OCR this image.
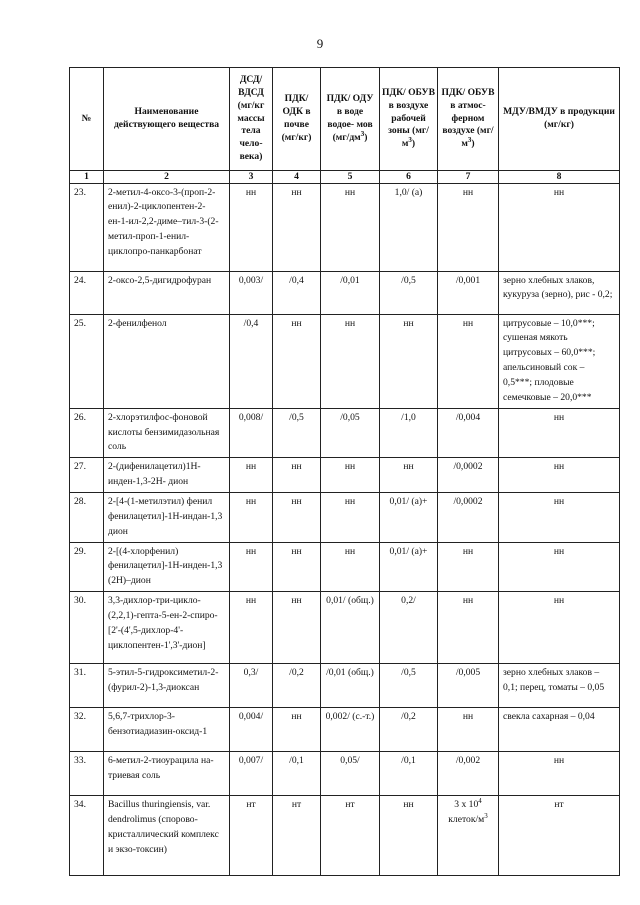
9
№	Наименование действующего вещества	ДСД/ ВДСД (мг/кг массы тела чело- века)	ПДК/ ОДК в почве (мг/кг)	ПДК/ ОДУ в воде водое- мов $(мг/дм^3)$	ПДК/ ОБУВ в воздухе рабочей зоны $(мг/м^3)$	ПДК/ ОБУВ в атмос- ферном воздухе $(мг/м^3)$	МДУ/ВМДУ в продукции (мг/кг)
1	2	3	4	5	6	7	8
23.	2-метил-4-оксо-3-(проп-2-енил)-2-циклопентен-2-ен-1-ил-2,2-диме–тил-3-(2-метил-проп-1-енил-циклопро-панкарбонат	нн	нн	нн	1,0/ (а)	нн	нн
24.	2-оксо-2,5-дигидрофуран	0,003/	/0,4	/0,01	/0,5	/0,001	зерно хлебных злаков, кукуруза (зерно), рис - 0,2;
25.	2-фенилфенол	/0,4	нн	нн	нн	нн	цитрусовые – 10,0***; сушеная мякоть цитрусовых – 60,0***; апельсиновый сок – 0,5***; плодовые семечковые – 20,0***
26.	2-хлорэтилфос-фоновой кислоты бензимидазольная соль	0,008/	/0,5	/0,05	/1,0	/0,004	нн
27.	2-(дифенилацетил)1Н-инден-1,3-2Н- дион	нн	нн	нн	нн	/0,0002	нн
28.	2-[4-(1-метилэтил) фенил фенилацетил]-1Н-индан-1,3 дион	нн	нн	нн	0,01/ (а)+	/0,0002	нн
29.	2-[(4-хлорфенил) фенилацетил]-1Н-инден-1,3 (2Н)–дион	нн	нн	нн	0,01/ (а)+	нн	нн
30.	3,3-дихлор-три-цикло-(2,2,1)-гепта-5-ен-2-спиро-[2'-(4',5-дихлор-4'-циклопентен-1',3'-дион]	нн	нн	0,01/ (общ.)	0,2/	нн	нн
31.	5-этил-5-гидроксиметил-2-(фурил-2)-1,3-диоксан	0,3/	/0,2	/0,01 (общ.)	/0,5	/0,005	зерно хлебных злаков – 0,1; перец, томаты – 0,05
32.	5,6,7-трихлор-3-бензотиадиазин-оксид-1	0,004/	нн	0,002/ (с.-т.)	/0,2	нн	свекла сахарная – 0,04
33.	6-метил-2-тиоурацила на-триевая соль	0,007/	/0,1	0,05/	/0,1	/0,002	нн
34.	Bacillus thuringiensis, var. dendrolimus (спорово-кристаллический комплекс и экзо-токсин)	нт	нт	нт	нн	3 х $10^4$ клеток/$м^3$	нт
